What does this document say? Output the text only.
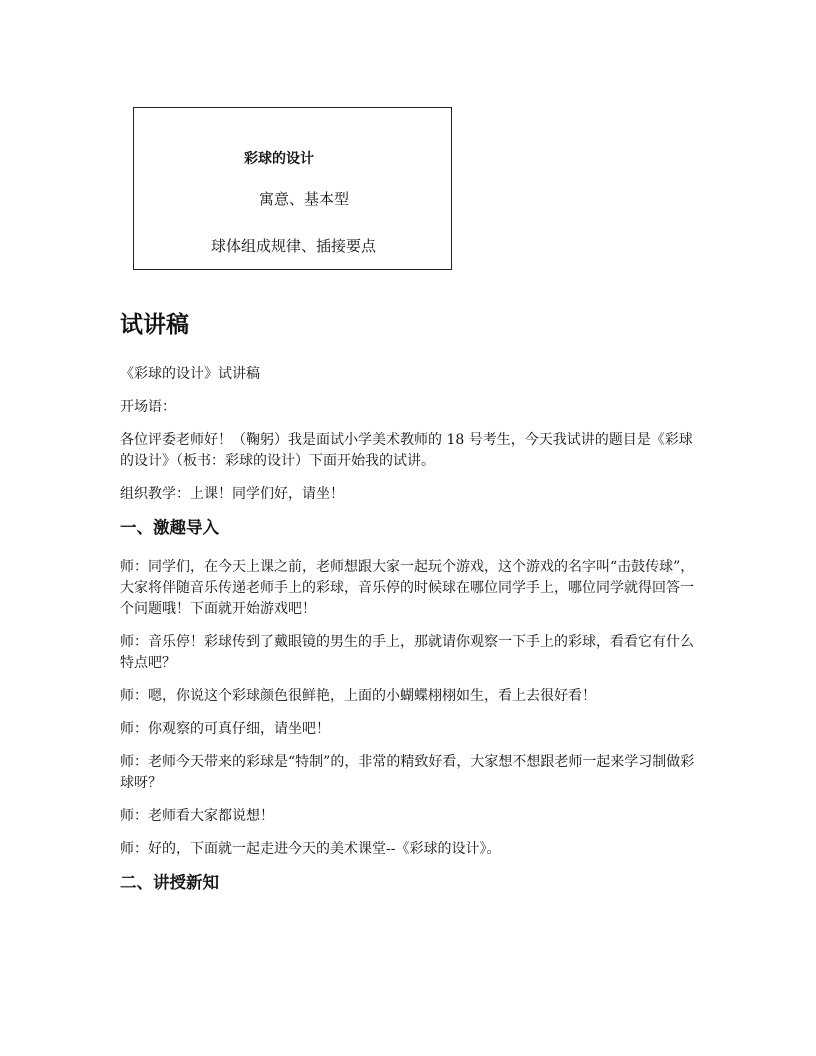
彩球的设计
寓意、基本型
球体组成规律、插接要点
试讲稿

《彩球的设计》试讲稿

开场语：

各位评委老师好！（鞠躬）我是面试小学美术教师的 18 号考生，今天我试讲的题目是《彩球的设计》（板书：彩球的设计）下面开始我的试讲。

组织教学：上课！同学们好，请坐！

一、激趣导入

师：同学们，在今天上课之前，老师想跟大家一起玩个游戏，这个游戏的名字叫“击鼓传球”，大家将伴随音乐传递老师手上的彩球，音乐停的时候球在哪位同学手上，哪位同学就得回答一个问题哦！下面就开始游戏吧！

师：音乐停！彩球传到了戴眼镜的男生的手上，那就请你观察一下手上的彩球，看看它有什么特点吧？

师：嗯，你说这个彩球颜色很鲜艳，上面的小蝴蝶栩栩如生，看上去很好看！

师：你观察的可真仔细，请坐吧！

师：老师今天带来的彩球是“特制”的，非常的精致好看，大家想不想跟老师一起来学习制做彩球呀？

师：老师看大家都说想！

师：好的，下面就一起走进今天的美术课堂--《彩球的设计》。

二、讲授新知
